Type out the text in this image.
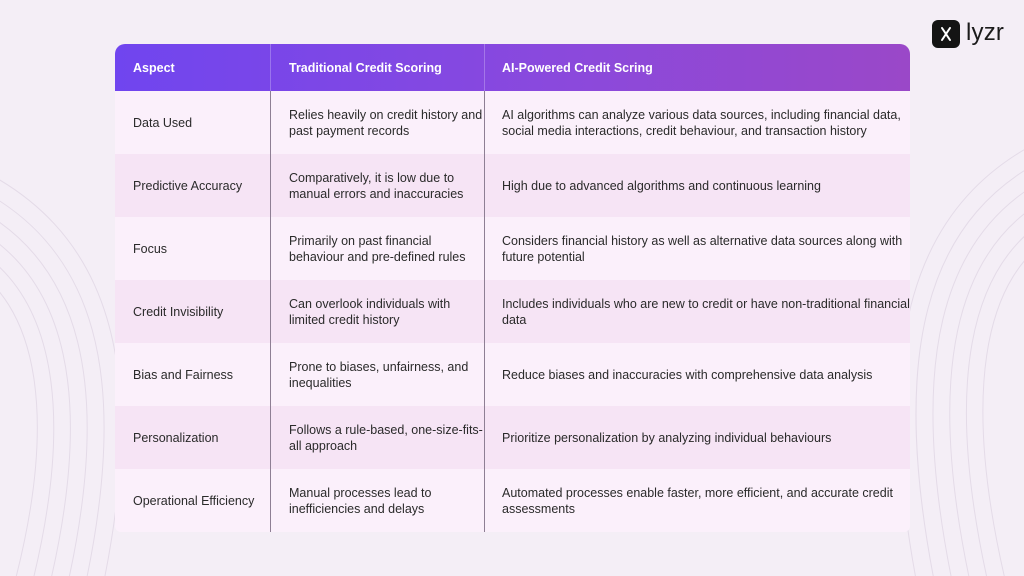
lyzr
Aspect	Traditional Credit Scoring	AI-Powered Credit Scring
Data Used
Relies heavily on credit history and past payment records
AI algorithms can analyze various data sources, including financial data, social media interactions, credit behaviour, and transaction history
Predictive Accuracy
Comparatively, it is low due to manual errors and inaccuracies
High due to advanced algorithms and continuous learning
Focus
Primarily on past financial behaviour and pre-defined rules
Considers financial history as well as alternative data sources along with future potential
Credit Invisibility
Can overlook individuals with limited credit history
Includes individuals who are new to credit or have non-traditional financial data
Bias and Fairness
Prone to biases, unfairness, and inequalities
Reduce biases and inaccuracies with comprehensive data analysis
Personalization
Follows a rule-based, one-size-fits-all approach
Prioritize personalization by analyzing individual behaviours
Operational Efficiency
Manual processes lead to inefficiencies and delays
Automated processes enable faster, more efficient, and accurate credit assessments
